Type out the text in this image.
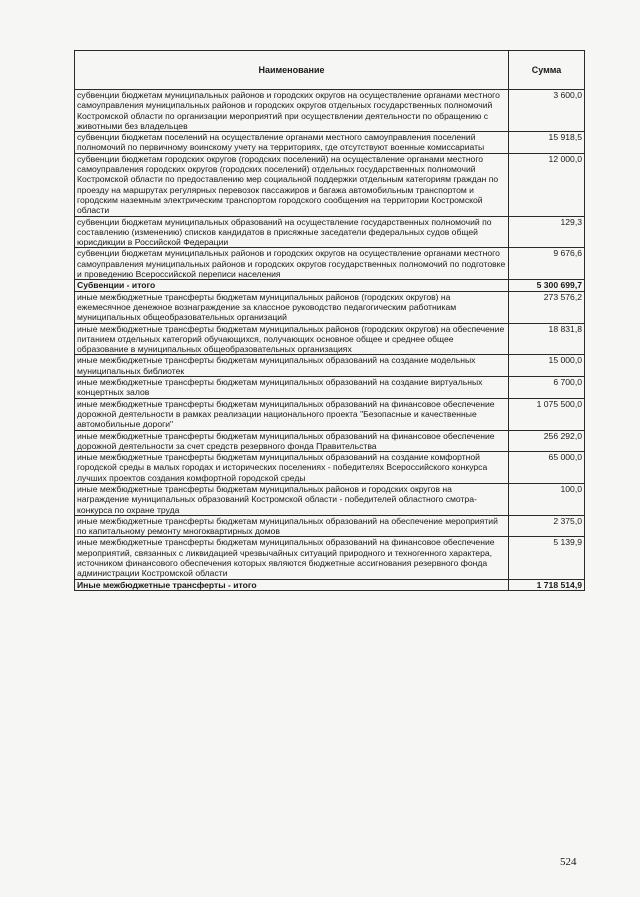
Наименование	Сумма
субвенции бюджетам муниципальных районов и городских округов на осуществление органами местного самоуправления муниципальных районов и городских округов отдельных государственных полномочий Костромской области по организации мероприятий при осуществлении деятельности по обращению с животными без владельцев	3 600,0
субвенции бюджетам поселений на осуществление органами местного самоуправления поселений полномочий по первичному воинскому учету на территориях, где отсутствуют военные комиссариаты	15 918,5
субвенции бюджетам городских округов (городских поселений) на осуществление органами местного самоуправления городских округов (городских поселений) отдельных государственных полномочий Костромской области по предоставлению мер социальной поддержки отдельным категориям граждан по проезду на маршрутах регулярных перевозок пассажиров и багажа автомобильным транспортом и городским наземным электрическим транспортом городского сообщения на территории Костромской области	12 000,0
субвенции бюджетам муниципальных образований на осуществление государственных полномочий по составлению (изменению) списков кандидатов в присяжные заседатели федеральных судов общей юрисдикции в Российской Федерации	129,3
субвенции бюджетам муниципальных районов и городских округов на осуществление органами местного самоуправления муниципальных районов и городских округов государственных полномочий по подготовке и проведению Всероссийской переписи населения	9 676,6
Субвенции - итого	5 300 699,7
иные межбюджетные трансферты бюджетам муниципальных районов (городских округов) на ежемесячное денежное вознаграждение за классное руководство педагогическим работникам муниципальных общеобразовательных организаций	273 576,2
иные межбюджетные трансферты бюджетам муниципальных районов (городских округов) на обеспечение питанием отдельных категорий обучающихся, получающих основное общее и среднее общее образование в муниципальных общеобразовательных организациях	18 831,8
иные межбюджетные трансферты бюджетам муниципальных образований на создание модельных муниципальных библиотек	15 000,0
иные межбюджетные трансферты бюджетам муниципальных образований на создание виртуальных концертных залов	6 700,0
иные межбюджетные трансферты бюджетам муниципальных образований на финансовое обеспечение дорожной деятельности в рамках реализации национального проекта "Безопасные и качественные автомобильные дороги"	1 075 500,0
иные межбюджетные трансферты бюджетам муниципальных образований на финансовое обеспечение дорожной деятельности за счет средств резервного фонда Правительства	256 292,0
иные межбюджетные трансферты бюджетам муниципальных образований на создание комфортной городской среды в малых городах и исторических поселениях - победителях Всероссийского конкурса лучших проектов создания комфортной городской среды	65 000,0
иные межбюджетные трансферты бюджетам муниципальных районов и городских округов на награждение муниципальных образований Костромской области - победителей областного смотра-конкурса по охране труда	100,0
иные межбюджетные трансферты бюджетам муниципальных образований на обеспечение мероприятий по капитальному ремонту многоквартирных домов	2 375,0
иные межбюджетные трансферты бюджетам муниципальных образований на финансовое обеспечение мероприятий, связанных с ликвидацией чрезвычайных ситуаций природного и техногенного характера, источником финансового обеспечения которых являются бюджетные ассигнования резервного фонда администрации Костромской области	5 139,9
Иные межбюджетные трансферты - итого	1 718 514,9
524
